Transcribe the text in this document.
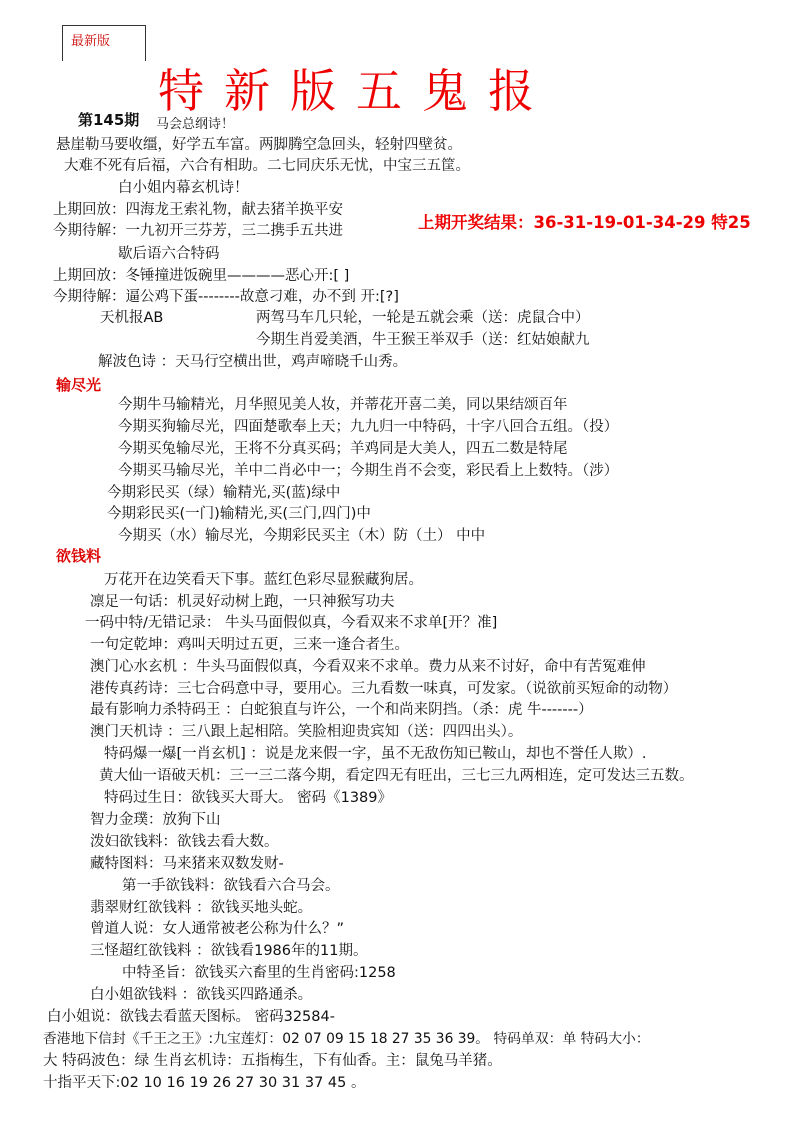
最新版
特新版五鬼报
第145期 马会总纲诗！
上期开奖结果：36-31-19-01-34-29 特25
输尽光
欲钱料
悬崖勒马要收缰，好学五车富。两脚腾空急回头，轻射四壁贫。
大难不死有后福，六合有相助。二七同庆乐无忧，中宝三五筐。
白小姐内幕玄机诗！
上期回放：四海龙王索礼物，献去猪羊换平安
今期待解：一九初开三芬芳，三二携手五共进
歇后语六合特码
上期回放：冬锤撞进饭碗里————恶心开:[ ]
今期待解：逼公鸡下蛋--------故意刁难，办不到 开:[?]
天机报AB	两驾马车几只轮，一轮是五就会乘（送：虎鼠合中）
今期生肖爱美酒，牛王猴王举双手（送：红姑娘献九
解波色诗 ：天马行空横出世，鸡声啼晓千山秀。
今期牛马输精光，月华照见美人妆，并蒂花开喜二美，同以果结颂百年
今期买狗输尽光，四面楚歌奉上天；九九归一中特码，十字八回合五组。（投）
今期买兔输尽光，王将不分真买码；羊鸡同是大美人，四五二数是特尾
今期买马输尽光，羊中二肖必中一；今期生肖不会变，彩民看上上数特。（涉）
今期彩民买（绿）输精光,买(蓝)绿中
今期彩民买(一门)输精光,买(三门,四门)中
今期买（水）输尽光，今期彩民买主（木）防（土） 中中
万花开在边笑看天下事。蓝红色彩尽显猴藏狗居。
凛足一句话：机灵好动树上跑，一只神猴写功夫
一码中特/无错记录： 牛头马面假似真，今看双来不求单[开？准]
一句定乾坤：鸡叫天明过五更，三来一逢合者生。
澳门心水玄机 ：牛头马面假似真，今看双来不求单。费力从来不讨好，命中有苦冤难伸
港传真药诗：三七合码意中寻，要用心。三九看数一味真，可发家。（说欲前买短命的动物）
最有影响力杀特码王 ：白蛇狼直与许公，一个和尚来阴挡。（杀：虎 牛-------）
澳门天机诗 ：三八跟上起相陪。笑脸相迎贵宾知（送：四四出头）。
特码爆一爆[一肖玄机] ：说是龙来假一字，虽不无敌伤知已鞍山，却也不誉任人欺）.
黄大仙一语破天机：三一三二落今期，看定四无有旺出，三七三九两相连，定可发达三五数。
特码过生日：欲钱买大哥大。 密码《1389》
智力金璞：放狗下山
泼妇欲钱料：欲钱去看大数。
藏特图料：马来猪来双数发财-
第一手欲钱料：欲钱看六合马会。
翡翠财红欲钱料 ：欲钱买地头蛇。
曾道人说：女人通常被老公称为什么？”
三怪超红欲钱料 ：欲钱看1986年的11期。
中特圣旨：欲钱买六畜里的生肖密码:1258
白小姐欲钱料 ：欲钱买四路通杀。
白小姐说：欲钱去看蓝天图标。 密码32584-
香港地下信封《千王之王》:九宝莲灯：02 07 09 15 18 27 35 36 39。 特码单双：单 特码大小：
大 特码波色：绿 生肖玄机诗：五指梅生，下有仙香。主：鼠兔马羊猪。
十指平天下:02 10 16 19 26 27 30 31 37 45 。
